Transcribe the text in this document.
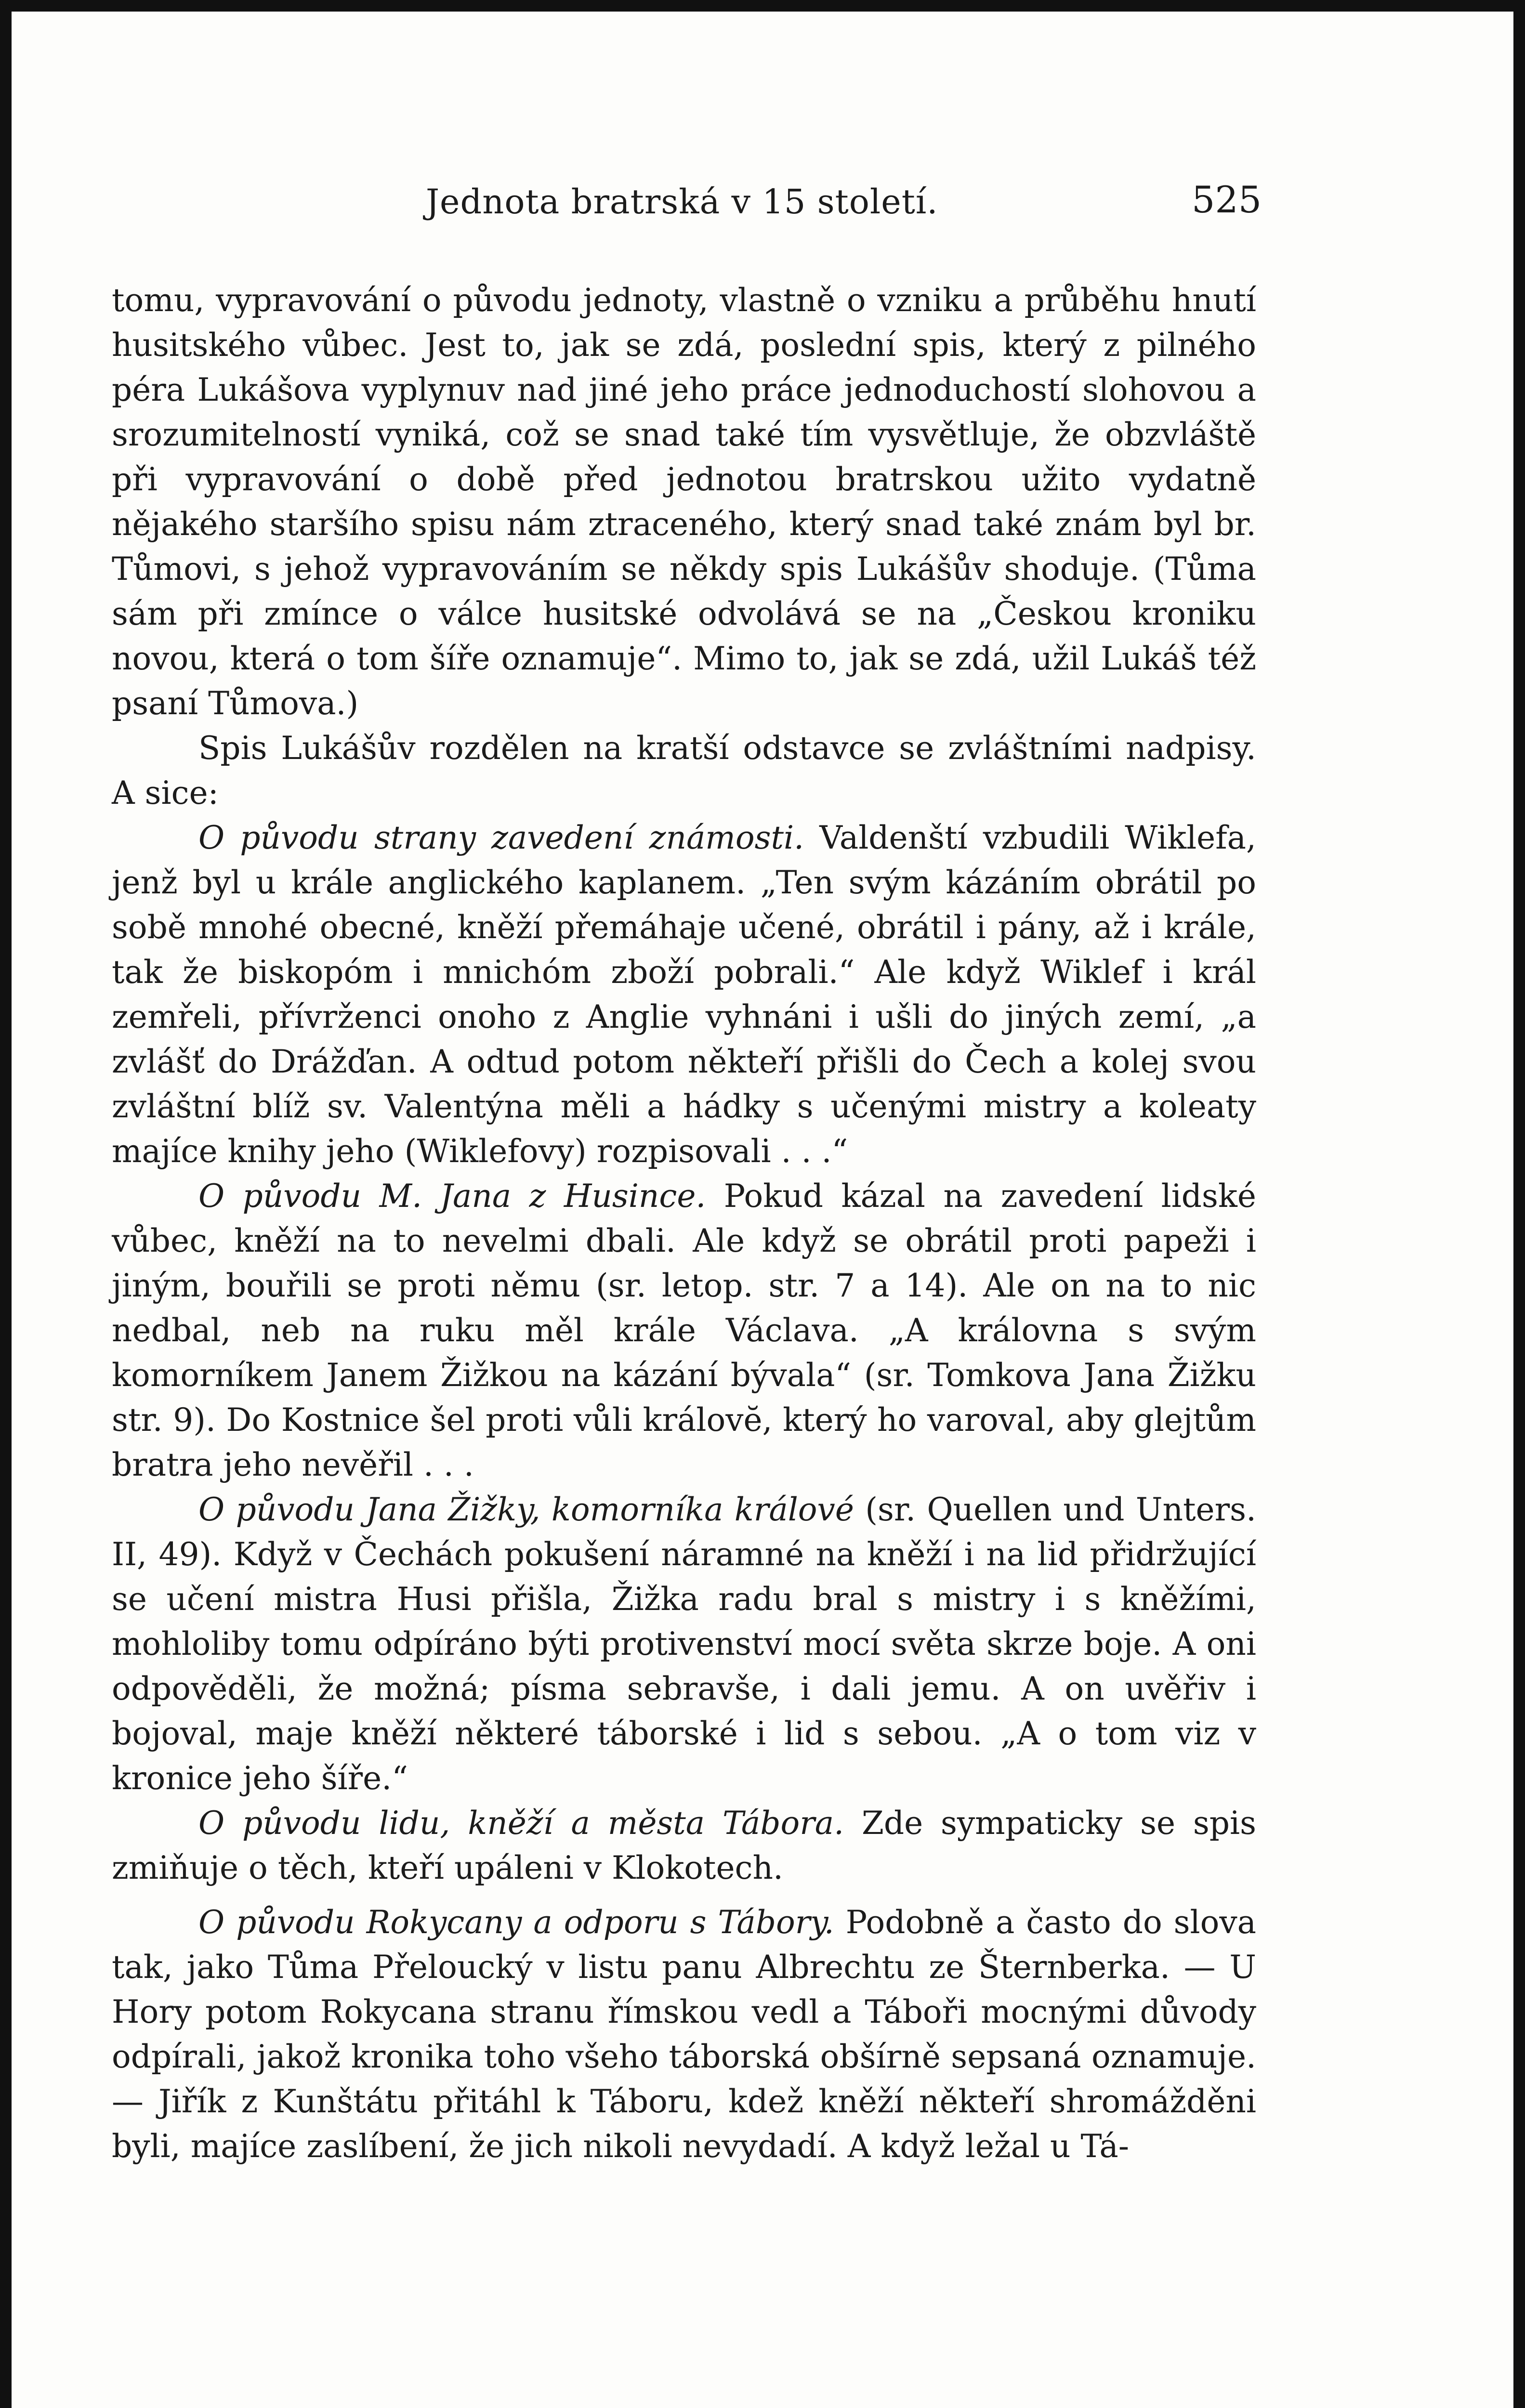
Jednota bratrská v 15 století.	525

tomu, vypravování o původu jednoty, vlastně o vzniku a průběhu hnutí husitského vůbec. Jest to, jak se zdá, poslední spis, který z pilného péra Lukášova vyplynuv nad jiné jeho práce jednoduchostí slohovou a srozumitelností vyniká, což se snad také tím vysvětluje, že obzvláště při vypravování o době před jednotou bratrskou užito vydatně nějakého staršího spisu nám ztraceného, který snad také znám byl br. Tůmovi, s jehož vypravováním se někdy spis Lukášův shoduje. (Tůma sám při zmínce o válce husitské odvolává se na „Českou kroniku novou, která o tom šíře oznamuje“. Mimo to, jak se zdá, užil Lukáš též psaní Tůmova.)

Spis Lukášův rozdělen na kratší odstavce se zvláštními nadpisy. A sice:

O původu strany zavedení známosti. Valdenští vzbudili Wiklefa, jenž byl u krále anglického kaplanem. „Ten svým kázáním obrátil po sobě mnohé obecné, kněží přemáhaje učené, obrátil i pány, až i krále, tak že biskopóm i mnichóm zboží pobrali.“ Ale když Wiklef i král zemřeli, přívrženci onoho z Anglie vyhnáni i ušli do jiných zemí, „a zvlášť do Drážďan. A odtud potom někteří přišli do Čech a kolej svou zvláštní blíž sv. Valentýna měli a hádky s učenými mistry a koleaty majíce knihy jeho (Wiklefovy) rozpisovali . . .“

O původu M. Jana z Husince. Pokud kázal na zavedení lidské vůbec, kněží na to nevelmi dbali. Ale když se obrátil proti papeži i jiným, bouřili se proti němu (sr. letop. str. 7 a 14). Ale on na to nic nedbal, neb na ruku měl krále Václava. „A královna s svým komorníkem Janem Žižkou na kázání bývala“ (sr. Tomkova Jana Žižku str. 9). Do Kostnice šel proti vůli královĕ, který ho varoval, aby glejtům bratra jeho nevěřil . . .

O původu Jana Žižky, komorníka králové (sr. Quellen und Unters. II, 49). Když v Čechách pokušení náramné na kněží i na lid přidržující se učení mistra Husi přišla, Žižka radu bral s mistry i s kněžími, mohloliby tomu odpíráno býti protivenství mocí světa skrze boje. A oni odpověděli, že možná; písma sebravše, i dali jemu. A on uvěřiv i bojoval, maje kněží některé táborské i lid s sebou. „A o tom viz v kronice jeho šíře.“

O původu lidu, kněží a města Tábora. Zde sympaticky se spis zmiňuje o těch, kteří upáleni v Klokotech.

O původu Rokycany a odporu s Tábory. Podobně a často do slova tak, jako Tůma Přeloucký v listu panu Albrechtu ze Šternberka. — U Hory potom Rokycana stranu římskou vedl a Táboři mocnými důvody odpírali, jakož kronika toho všeho táborská obšírně sepsaná oznamuje. — Jiřík z Kunštátu přitáhl k Táboru, kdež kněží někteří shromážděni byli, majíce zaslíbení, že jich nikoli nevydadí. A když ležal u Tá-
